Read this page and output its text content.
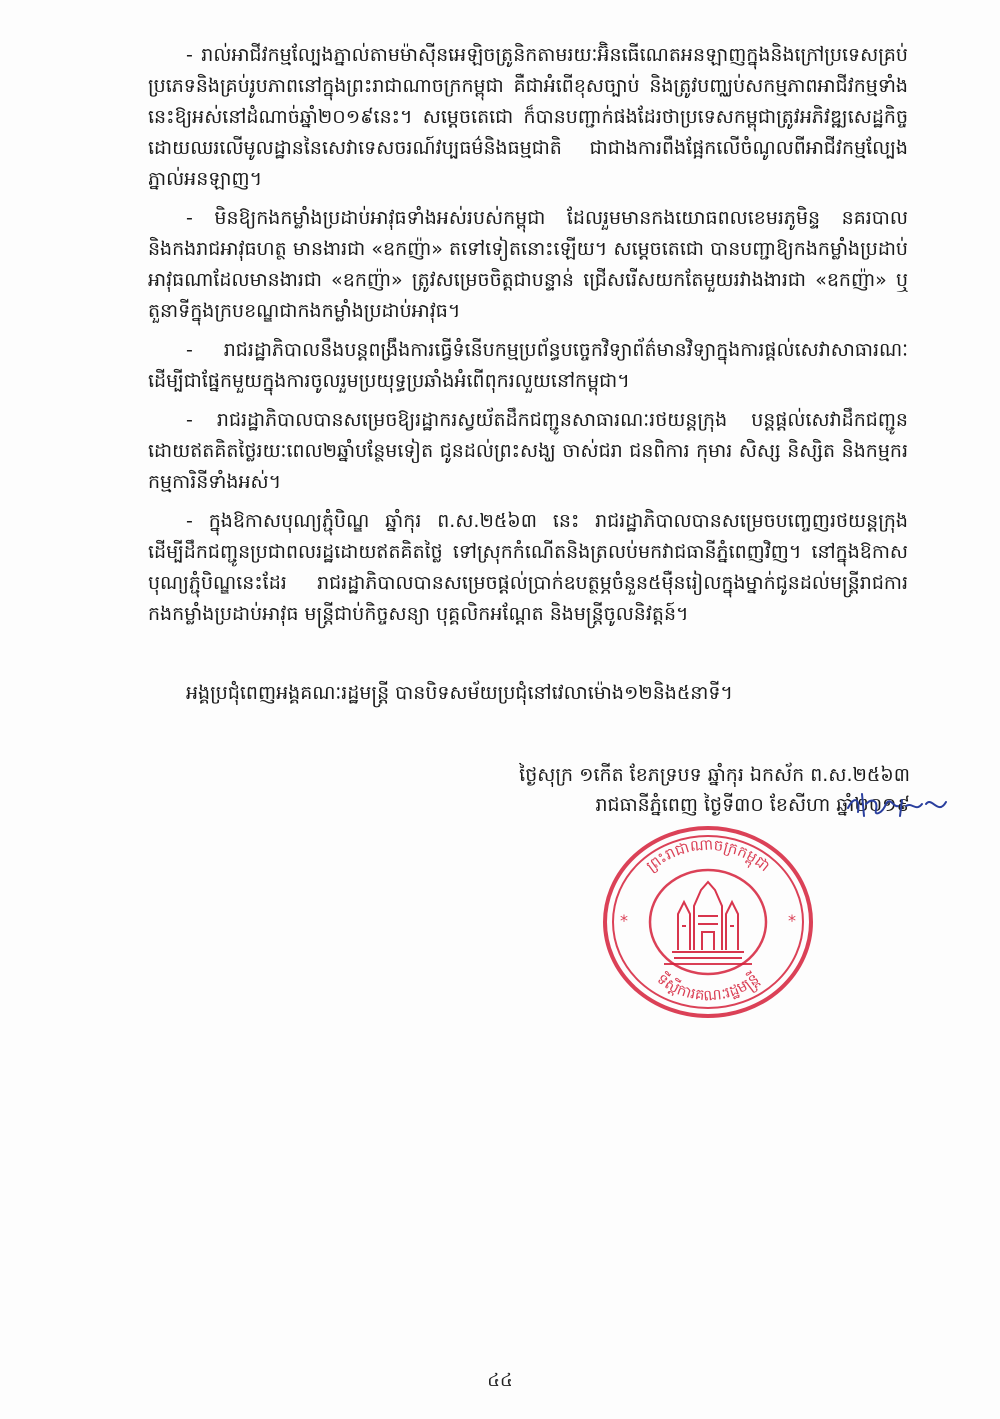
- រាល់អាជីវកម្មល្បែងភ្នាល់តាមម៉ាស៊ីនអេឡិចត្រូនិកតាមរយៈអ៊ិនធើណេតអនឡាញក្នុងនិងក្រៅប្រទេសគ្រប់ប្រភេទនិងគ្រប់រូបភាពនៅក្នុងព្រះរាជាណាចក្រកម្ពុជា គឺជាអំពើខុសច្បាប់ និងត្រូវបញ្ឈប់សកម្មភាពអាជីវកម្មទាំងនេះឱ្យអស់នៅដំណាច់ឆ្នាំ២០១៩នេះ។ សម្ដេចតេជោ ក៏បានបញ្ជាក់ផងដែរថាប្រទេសកម្ពុជាត្រូវអភិវឌ្ឍសេដ្ឋកិច្ចដោយឈរលើមូលដ្ឋាននៃសេវាទេសចរណ៍វប្បធម៌និងធម្មជាតិ ជាជាងការពឹងផ្អែកលើចំណូលពីអាជីវកម្មល្បែងភ្នាល់អនឡាញ។

- មិនឱ្យកងកម្លាំងប្រដាប់អាវុធទាំងអស់របស់កម្ពុជា ដែលរួមមានកងយោធពលខេមរភូមិន្ទ នគរបាល និងកងរាជអាវុធហត្ថ មានងារជា «ឧកញ៉ា» តទៅទៀតនោះឡើយ។ សម្ដេចតេជោ បានបញ្ជាឱ្យកងកម្លាំងប្រដាប់អាវុធណាដែលមានងារជា «ឧកញ៉ា» ត្រូវសម្រេចចិត្តជាបន្ទាន់ ជ្រើសរើសយកតែមួយរវាងងារជា «ឧកញ៉ា» ឬតួនាទីក្នុងក្របខណ្ឌជាកងកម្លាំងប្រដាប់អាវុធ។

- រាជរដ្ឋាភិបាលនឹងបន្តពង្រឹងការធ្វើទំនើបកម្មប្រព័ន្ធបច្ចេកវិទ្យាព័ត៌មានវិទ្យាក្នុងការផ្តល់សេវាសាធារណៈ ដើម្បីជាផ្នែកមួយក្នុងការចូលរួមប្រយុទ្ធប្រឆាំងអំពើពុករលួយនៅកម្ពុជា។

- រាជរដ្ឋាភិបាលបានសម្រេចឱ្យរដ្ឋាករស្វយ័តដឹកជញ្ជូនសាធារណៈរថយន្តក្រុង បន្តផ្តល់សេវាដឹកជញ្ជូនដោយឥតគិតថ្លៃរយៈពេល២ឆ្នាំបន្ថែមទៀត ជូនដល់ព្រះសង្ឃ ចាស់ជរា ជនពិការ កុមារ សិស្ស និស្សិត និងកម្មករ កម្មការិនីទាំងអស់។

- ក្នុងឱកាសបុណ្យភ្ជុំបិណ្ឌ ឆ្នាំកុរ ព.ស.២៥៦៣ នេះ រាជរដ្ឋាភិបាលបានសម្រេចបញ្ចេញរថយន្តក្រុង ដើម្បីដឹកជញ្ជូនប្រជាពលរដ្ឋដោយឥតគិតថ្លៃ ទៅស្រុកកំណើតនិងត្រលប់មកវាជធានីភ្នំពេញវិញ។ នៅក្នុងឱកាសបុណ្យភ្ជុំបិណ្ឌនេះដែរ រាជរដ្ឋាភិបាលបានសម្រេចផ្តល់ប្រាក់ឧបត្ថម្ភចំនួន៥ម៉ឺនរៀលក្នុងម្នាក់ជូនដល់មន្ត្រីរាជការ កងកម្លាំងប្រដាប់អាវុធ មន្ត្រីជាប់កិច្ចសន្យា បុគ្គលិកអណ្តែត និងមន្ត្រីចូលនិវត្តន៍។

អង្គប្រជុំពេញអង្គគណៈរដ្ឋមន្ត្រី បានបិទសម័យប្រជុំនៅវេលាម៉ោង១២និង៥នាទី។

ថ្ងៃសុក្រ ១កើត ខែភទ្របទ ឆ្នាំកុរ ឯកស័ក ព.ស.២៥៦៣
រាជធានីភ្នំពេញ ថ្ងៃទី៣០ ខែសីហា ឆ្នាំ២០១៩
ព្រះរាជាណាចក្រកម្ពុជា
ទីស្ដីការគណៈរដ្ឋមន្ត្រី
*	*
៤៤
